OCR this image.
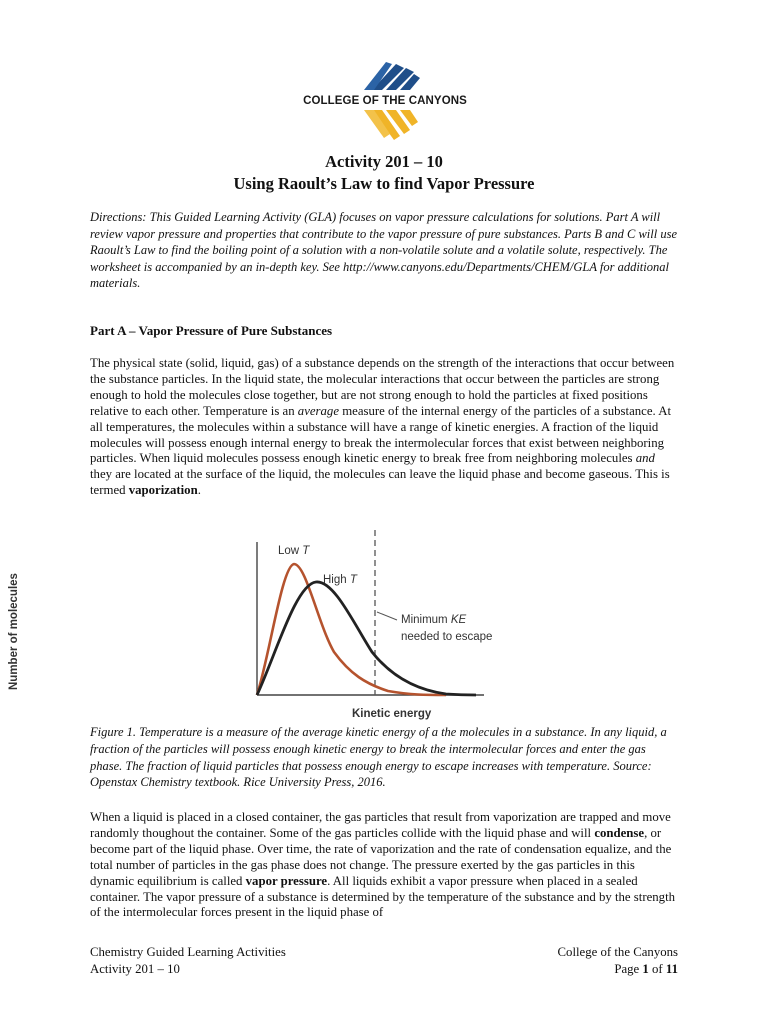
COLLEGE OF THE CANYONS
Activity 201 – 10
Using Raoult’s Law to find Vapor Pressure

Directions: This Guided Learning Activity (GLA) focuses on vapor pressure calculations for solutions. Part A will review vapor pressure and properties that contribute to the vapor pressure of pure substances. Parts B and C will use Raoult’s Law to find the boiling point of a solution with a non-volatile solute and a volatile solute, respectively. The worksheet is accompanied by an in-depth key. See http://www.canyons.edu/Departments/CHEM/GLA for additional materials.

Part A – Vapor Pressure of Pure Substances

The physical state (solid, liquid, gas) of a substance depends on the strength of the interactions that occur between the substance particles. In the liquid state, the molecular interactions that occur between the particles are strong enough to hold the molecules close together, but are not strong enough to hold the particles at fixed positions relative to each other. Temperature is an average measure of the internal energy of the particles of a substance. At all temperatures, the molecules within a substance will have a range of kinetic energies. A fraction of the liquid molecules will possess enough internal energy to break the intermolecular forces that exist between neighboring particles. When liquid molecules possess enough kinetic energy to break free from neighboring molecules and they are located at the surface of the liquid, the molecules can leave the liquid phase and become gaseous. This is termed vaporization.

Number of molecules
Low T
High T
Minimum KE
needed to escape
Kinetic energy

Figure 1. Temperature is a measure of the average kinetic energy of a the molecules in a substance. In any liquid, a fraction of the particles will possess enough kinetic energy to break the intermolecular forces and enter the gas phase. The fraction of liquid particles that possess enough energy to escape increases with temperature. Source: Openstax Chemistry textbook. Rice University Press, 2016.

When a liquid is placed in a closed container, the gas particles that result from vaporization are trapped and move randomly thoughout the container. Some of the gas particles collide with the liquid phase and will condense, or become part of the liquid phase. Over time, the rate of vaporization and the rate of condensation equalize, and the total number of particles in the gas phase does not change. The pressure exerted by the gas particles in this dynamic equilibrium is called vapor pressure. All liquids exhibit a vapor pressure when placed in a sealed container. The vapor pressure of a substance is determined by the temperature of the substance and by the strength of the intermolecular forces present in the liquid phase of

Chemistry Guided Learning Activities
Activity 201 – 10
College of the Canyons
Page 1 of 11
